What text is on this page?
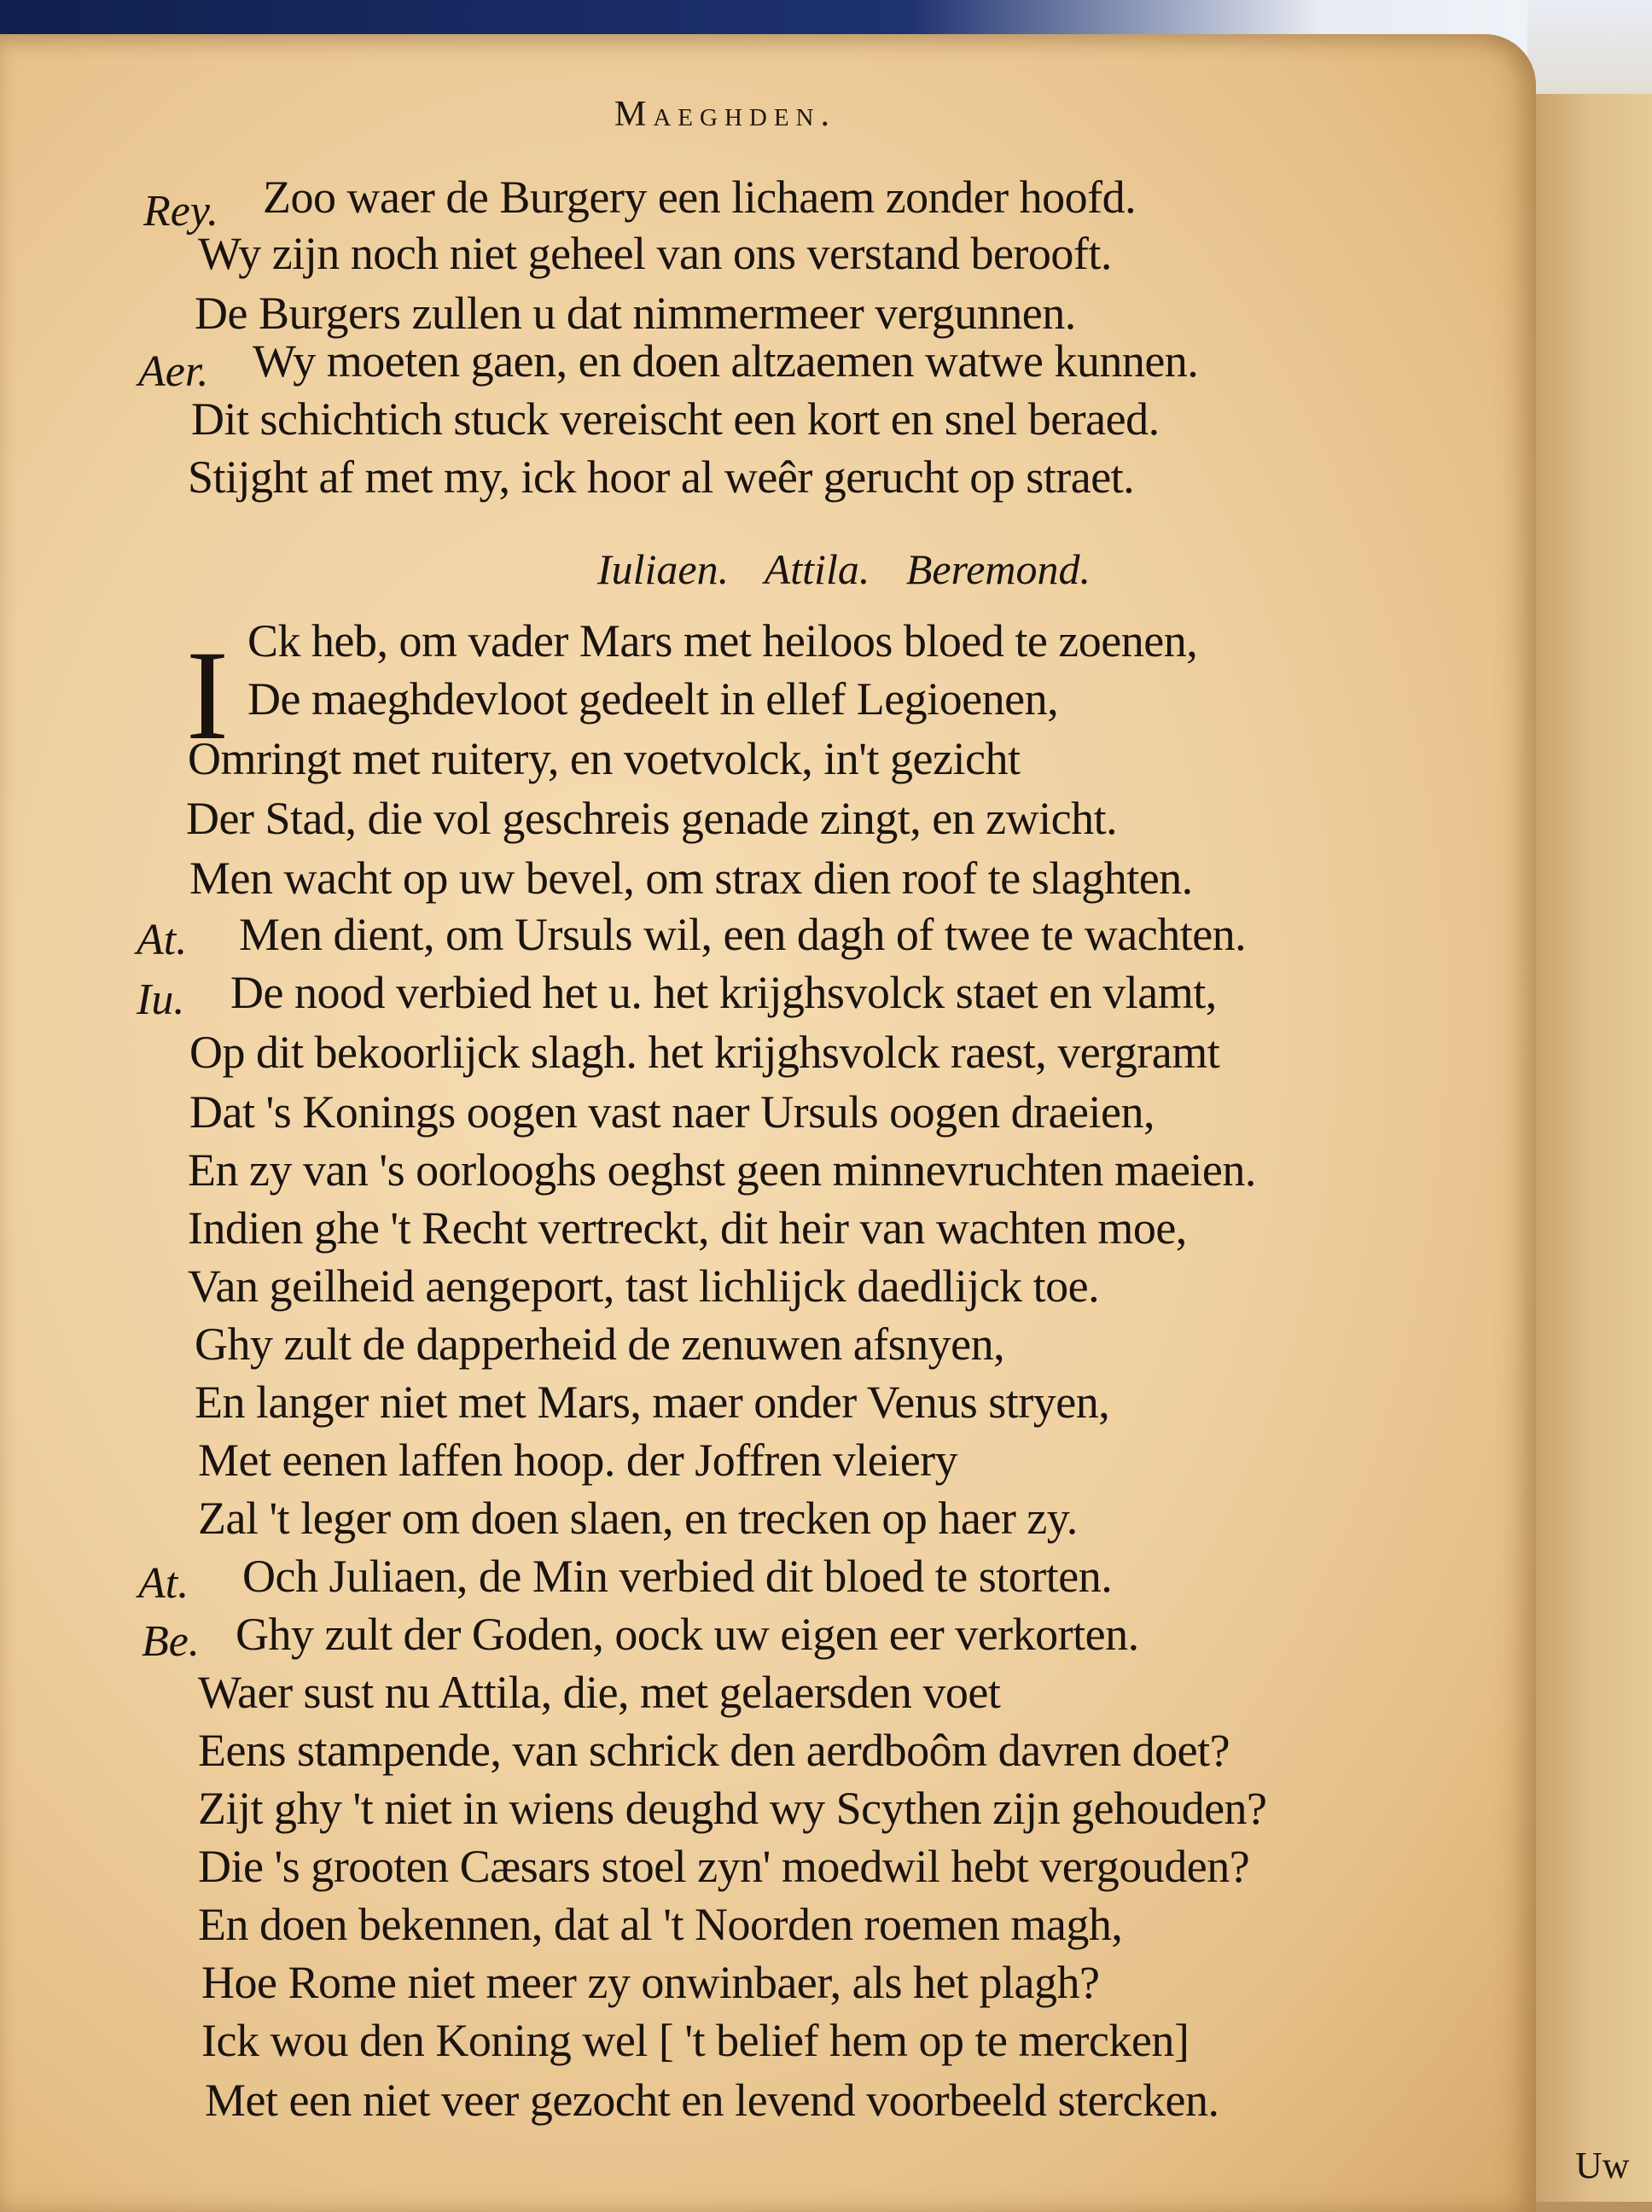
Uw
Maeghden.
Rey. Zoo waer de Burgery een lichaem zonder hoofd.
Wy zijn noch niet geheel van ons verstand berooft.
De Burgers zullen u dat nimmermeer vergunnen.
Aer. Wy moeten gaen, en doen altzaemen watwe kunnen.
Dit schichtich stuck vereischt een kort en snel beraed.
Stijght af met my, ick hoor al weêr gerucht op straet.
Iuliaen. Attila. Beremond.
I Ck heb, om vader Mars met heiloos bloed te zoenen,
De maeghdevloot gedeelt in ellef Legioenen,
Omringt met ruitery, en voetvolck, in't gezicht
Der Stad, die vol geschreis genade zingt, en zwicht.
Men wacht op uw bevel, om strax dien roof te slaghten.
At. Men dient, om Ursuls wil, een dagh of twee te wachten.
Iu. De nood verbied het u. het krijghsvolck staet en vlamt,
Op dit bekoorlijck slagh. het krijghsvolck raest, vergramt
Dat 's Konings oogen vast naer Ursuls oogen draeien,
En zy van 's oorlooghs oeghst geen minnevruchten maeien.
Indien ghe 't Recht vertreckt, dit heir van wachten moe,
Van geilheid aengeport, tast lichlijck daedlijck toe.
Ghy zult de dapperheid de zenuwen afsnyen,
En langer niet met Mars, maer onder Venus stryen,
Met eenen laffen hoop. der Joffren vleiery
Zal 't leger om doen slaen, en trecken op haer zy.
At. Och Juliaen, de Min verbied dit bloed te storten.
Be. Ghy zult der Goden, oock uw eigen eer verkorten.
Waer sust nu Attila, die, met gelaersden voet
Eens stampende, van schrick den aerdboôm davren doet?
Zijt ghy 't niet in wiens deughd wy Scythen zijn gehouden?
Die 's grooten Cæsars stoel zyn' moedwil hebt vergouden?
En doen bekennen, dat al 't Noorden roemen magh,
Hoe Rome niet meer zy onwinbaer, als het plagh?
Ick wou den Koning wel [ 't belief hem op te mercken]
Met een niet veer gezocht en levend voorbeeld stercken.
